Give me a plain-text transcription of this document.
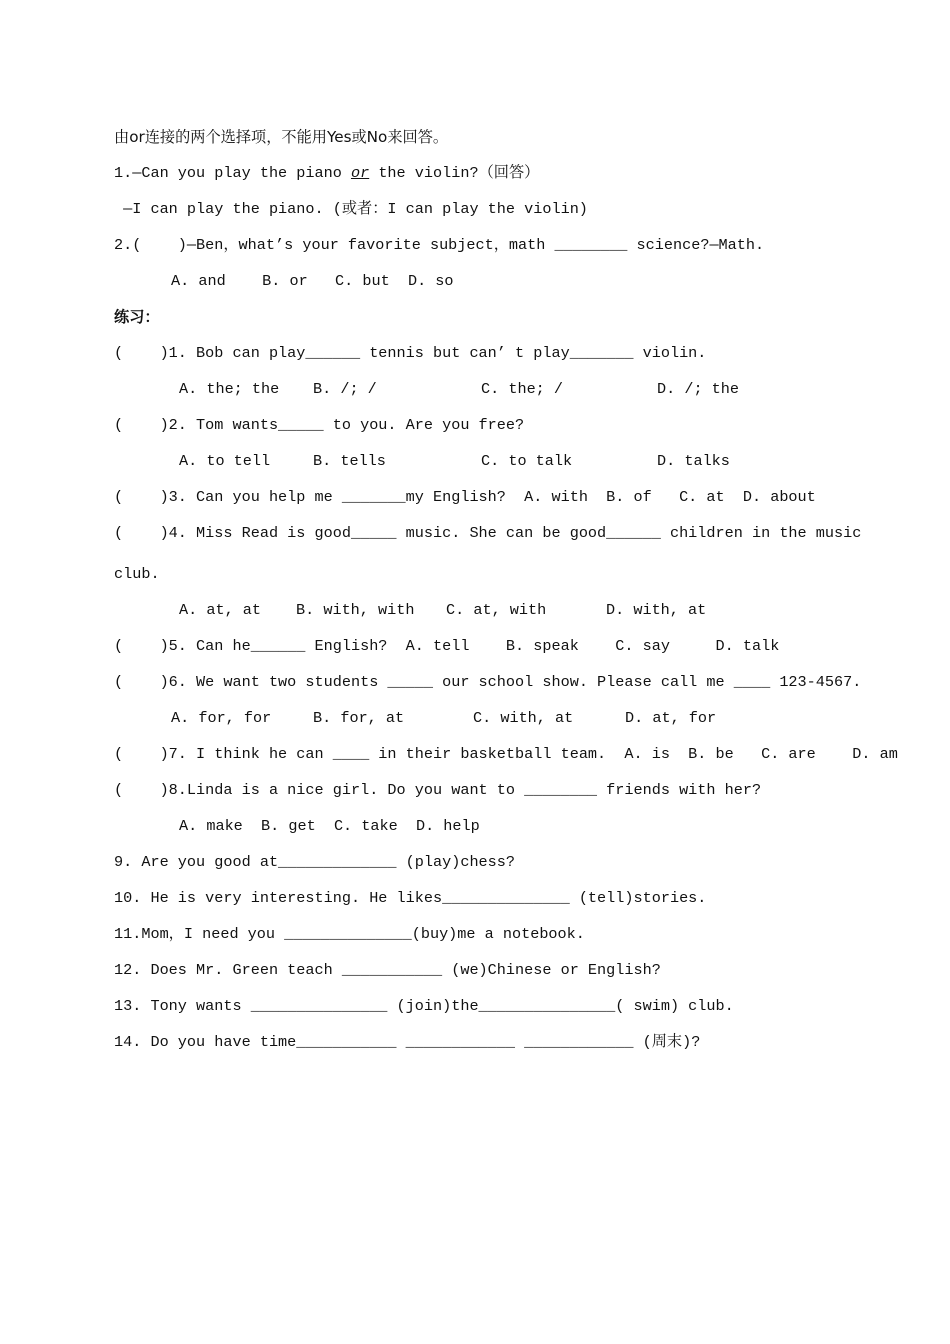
由or连接的两个选择项，不能用Yes或No来回答。
1.—Can you play the piano or the violin?（回答）
—I can play the piano. (或者：I can play the violin)
2.(    )—Ben，what’s your favorite subject，math ________ science?—Math.
A. and    B. or   C. but  D. so
练习：
(    )1. Bob can play______ tennis but can’ t play_______ violin.
A. the; the B. /; /	C. the; /	D. /; the
(    )2. Tom wants_____ to you. Are you free?
A. to tell	B. tells	C. to talk	D. talks
(    )3. Can you help me _______my English?  A. with  B. of   C. at  D. about
(    )4. Miss Read is good_____ music. She can be good______ children in the music
club.
A. at, at B. with, with C. at, with	D. with, at
(    )5. Can he______ English?  A. tell    B. speak    C. say     D. talk
(    )6. We want two students _____ our school show. Please call me ____ 123-4567.
A. for, for	B. for, at	C. with, at	D. at, for
(    )7. I think he can ____ in their basketball team.  A. is  B. be   C. are    D. am
(    )8.Linda is a nice girl. Do you want to ________ friends with her?
A. make  B. get  C. take  D. help
9. Are you good at_____________ (play)chess?
10. He is very interesting. He likes______________ (tell)stories.
11.Mom，I need you ______________(buy)me a notebook.
12. Does Mr. Green teach ___________ (we)Chinese or English?
13. Tony wants _______________ (join)the_______________( swim) club.
14. Do you have time___________ ____________ ____________ (周末)?
